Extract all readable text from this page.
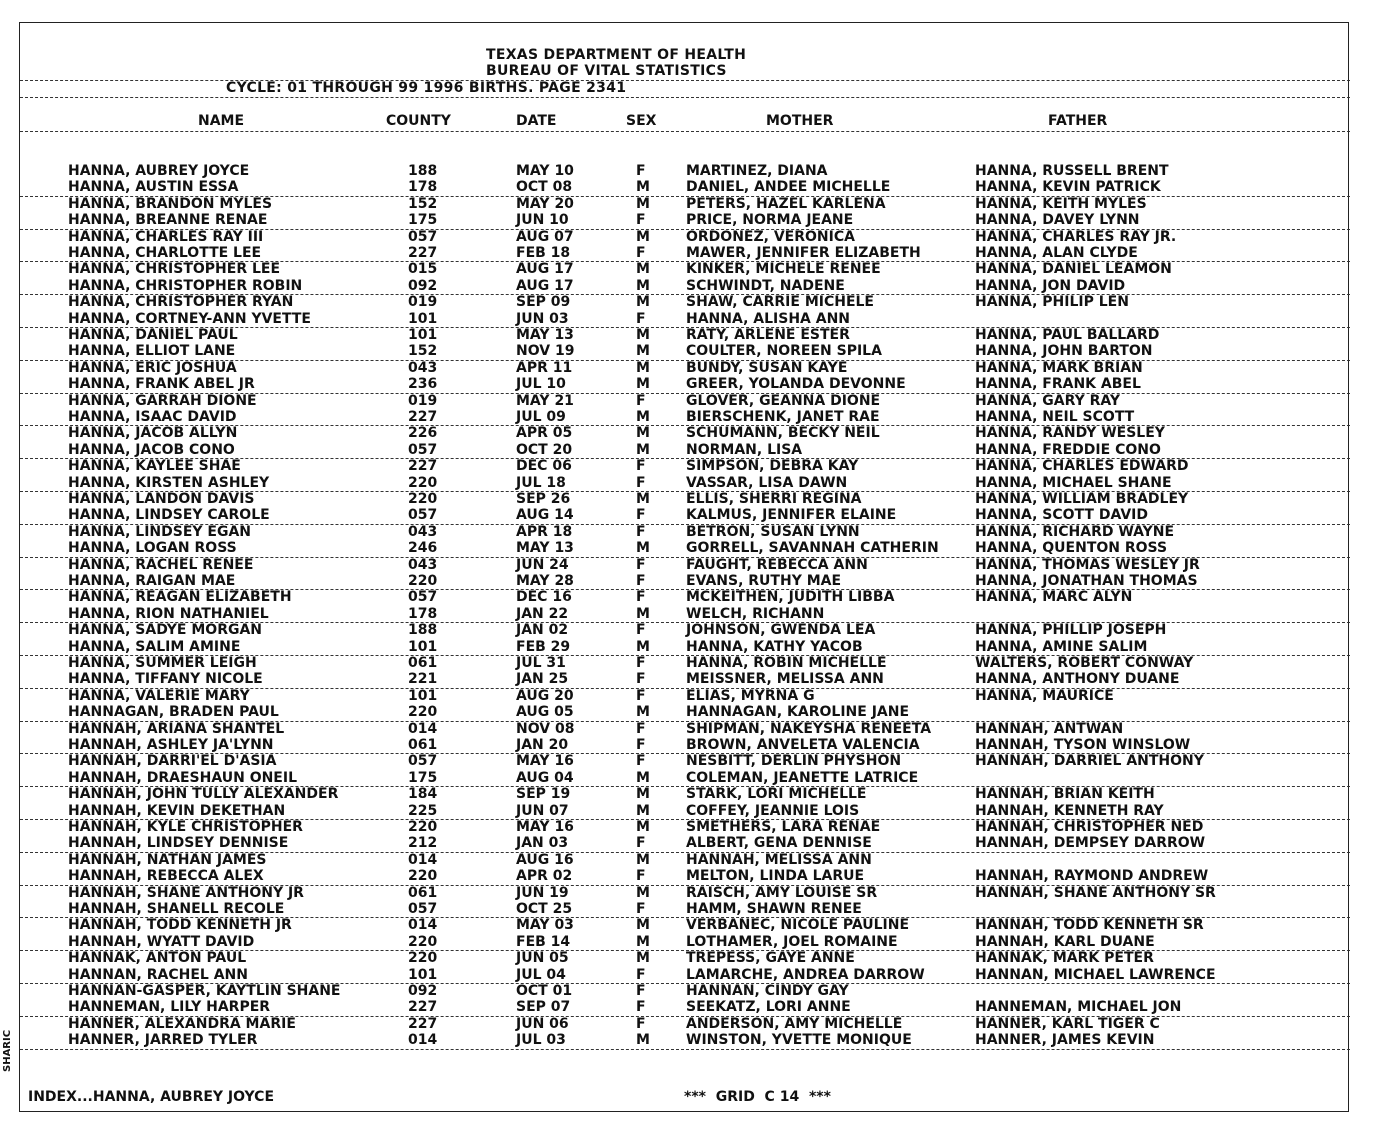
TEXAS DEPARTMENT OF HEALTH
BUREAU OF VITAL STATISTICS
CYCLE: 01 THROUGH 99 1996 BIRTHS. PAGE 2341
NAME	COUNTY	DATE	SEX	MOTHER	FATHER
HANNA, AUBREY JOYCE	188	MAY 10	F	MARTINEZ, DIANA	HANNA, RUSSELL BRENT
HANNA, AUSTIN ESSA	178	OCT 08	M	DANIEL, ANDEE MICHELLE	HANNA, KEVIN PATRICK
HANNA, BRANDON MYLES	152	MAY 20	M	PETERS, HAZEL KARLENA	HANNA, KEITH MYLES
HANNA, BREANNE RENAE	175	JUN 10	F	PRICE, NORMA JEANE	HANNA, DAVEY LYNN
HANNA, CHARLES RAY III	057	AUG 07	M	ORDONEZ, VERONICA	HANNA, CHARLES RAY JR.
HANNA, CHARLOTTE LEE	227	FEB 18	F	MAWER, JENNIFER ELIZABETH	HANNA, ALAN CLYDE
HANNA, CHRISTOPHER LEE	015	AUG 17	M	KINKER, MICHELE RENEE	HANNA, DANIEL LEAMON
HANNA, CHRISTOPHER ROBIN	092	AUG 17	M	SCHWINDT, NADENE	HANNA, JON DAVID
HANNA, CHRISTOPHER RYAN	019	SEP 09	M	SHAW, CARRIE MICHELE	HANNA, PHILIP LEN
HANNA, CORTNEY-ANN YVETTE	101	JUN 03	F	HANNA, ALISHA ANN
HANNA, DANIEL PAUL	101	MAY 13	M	RATY, ARLENE ESTER	HANNA, PAUL BALLARD
HANNA, ELLIOT LANE	152	NOV 19	M	COULTER, NOREEN SPILA	HANNA, JOHN BARTON
HANNA, ERIC JOSHUA	043	APR 11	M	BUNDY, SUSAN KAYE	HANNA, MARK BRIAN
HANNA, FRANK ABEL JR	236	JUL 10	M	GREER, YOLANDA DEVONNE	HANNA, FRANK ABEL
HANNA, GARRAH DIONE	019	MAY 21	F	GLOVER, GEANNA DIONE	HANNA, GARY RAY
HANNA, ISAAC DAVID	227	JUL 09	M	BIERSCHENK, JANET RAE	HANNA, NEIL SCOTT
HANNA, JACOB ALLYN	226	APR 05	M	SCHUMANN, BECKY NEIL	HANNA, RANDY WESLEY
HANNA, JACOB CONO	057	OCT 20	M	NORMAN, LISA	HANNA, FREDDIE CONO
HANNA, KAYLEE SHAE	227	DEC 06	F	SIMPSON, DEBRA KAY	HANNA, CHARLES EDWARD
HANNA, KIRSTEN ASHLEY	220	JUL 18	F	VASSAR, LISA DAWN	HANNA, MICHAEL SHANE
HANNA, LANDON DAVIS	220	SEP 26	M	ELLIS, SHERRI REGINA	HANNA, WILLIAM BRADLEY
HANNA, LINDSEY CAROLE	057	AUG 14	F	KALMUS, JENNIFER ELAINE	HANNA, SCOTT DAVID
HANNA, LINDSEY EGAN	043	APR 18	F	BETRON, SUSAN LYNN	HANNA, RICHARD WAYNE
HANNA, LOGAN ROSS	246	MAY 13	M	GORRELL, SAVANNAH CATHERIN	HANNA, QUENTON ROSS
HANNA, RACHEL RENEE	043	JUN 24	F	FAUGHT, REBECCA ANN	HANNA, THOMAS WESLEY JR
HANNA, RAIGAN MAE	220	MAY 28	F	EVANS, RUTHY MAE	HANNA, JONATHAN THOMAS
HANNA, REAGAN ELIZABETH	057	DEC 16	F	MCKEITHEN, JUDITH LIBBA	HANNA, MARC ALYN
HANNA, RION NATHANIEL	178	JAN 22	M	WELCH, RICHANN
HANNA, SADYE MORGAN	188	JAN 02	F	JOHNSON, GWENDA LEA	HANNA, PHILLIP JOSEPH
HANNA, SALIM AMINE	101	FEB 29	M	HANNA, KATHY YACOB	HANNA, AMINE SALIM
HANNA, SUMMER LEIGH	061	JUL 31	F	HANNA, ROBIN MICHELLE	WALTERS, ROBERT CONWAY
HANNA, TIFFANY NICOLE	221	JAN 25	F	MEISSNER, MELISSA ANN	HANNA, ANTHONY DUANE
HANNA, VALERIE MARY	101	AUG 20	F	ELIAS, MYRNA G	HANNA, MAURICE
HANNAGAN, BRADEN PAUL	220	AUG 05	M	HANNAGAN, KAROLINE JANE
HANNAH, ARIANA SHANTEL	014	NOV 08	F	SHIPMAN, NAKEYSHA RENEETA	HANNAH, ANTWAN
HANNAH, ASHLEY JA'LYNN	061	JAN 20	F	BROWN, ANVELETA VALENCIA	HANNAH, TYSON WINSLOW
HANNAH, DARRI'EL D'ASIA	057	MAY 16	F	NESBITT, DERLIN PHYSHON	HANNAH, DARRIEL ANTHONY
HANNAH, DRAESHAUN ONEIL	175	AUG 04	M	COLEMAN, JEANETTE LATRICE
HANNAH, JOHN TULLY ALEXANDER	184	SEP 19	M	STARK, LORI MICHELLE	HANNAH, BRIAN KEITH
HANNAH, KEVIN DEKETHAN	225	JUN 07	M	COFFEY, JEANNIE LOIS	HANNAH, KENNETH RAY
HANNAH, KYLE CHRISTOPHER	220	MAY 16	M	SMETHERS, LARA RENAE	HANNAH, CHRISTOPHER NED
HANNAH, LINDSEY DENNISE	212	JAN 03	F	ALBERT, GENA DENNISE	HANNAH, DEMPSEY DARROW
HANNAH, NATHAN JAMES	014	AUG 16	M	HANNAH, MELISSA ANN
HANNAH, REBECCA ALEX	220	APR 02	F	MELTON, LINDA LARUE	HANNAH, RAYMOND ANDREW
HANNAH, SHANE ANTHONY JR	061	JUN 19	M	RAISCH, AMY LOUISE SR	HANNAH, SHANE ANTHONY SR
HANNAH, SHANELL RECOLE	057	OCT 25	F	HAMM, SHAWN RENEE
HANNAH, TODD KENNETH JR	014	MAY 03	M	VERBANEC, NICOLE PAULINE	HANNAH, TODD KENNETH SR
HANNAH, WYATT DAVID	220	FEB 14	M	LOTHAMER, JOEL ROMAINE	HANNAH, KARL DUANE
HANNAK, ANTON PAUL	220	JUN 05	M	TREPESS, GAYE ANNE	HANNAK, MARK PETER
HANNAN, RACHEL ANN	101	JUL 04	F	LAMARCHE, ANDREA DARROW	HANNAN, MICHAEL LAWRENCE
HANNAN-GASPER, KAYTLIN SHANE	092	OCT 01	F	HANNAN, CINDY GAY
HANNEMAN, LILY HARPER	227	SEP 07	F	SEEKATZ, LORI ANNE	HANNEMAN, MICHAEL JON
HANNER, ALEXANDRA MARIE	227	JUN 06	F	ANDERSON, AMY MICHELLE	HANNER, KARL TIGER C
HANNER, JARRED TYLER	014	JUL 03	M	WINSTON, YVETTE MONIQUE	HANNER, JAMES KEVIN
INDEX...HANNA, AUBREY JOYCE	***  GRID  C 14  ***
SHARIC
